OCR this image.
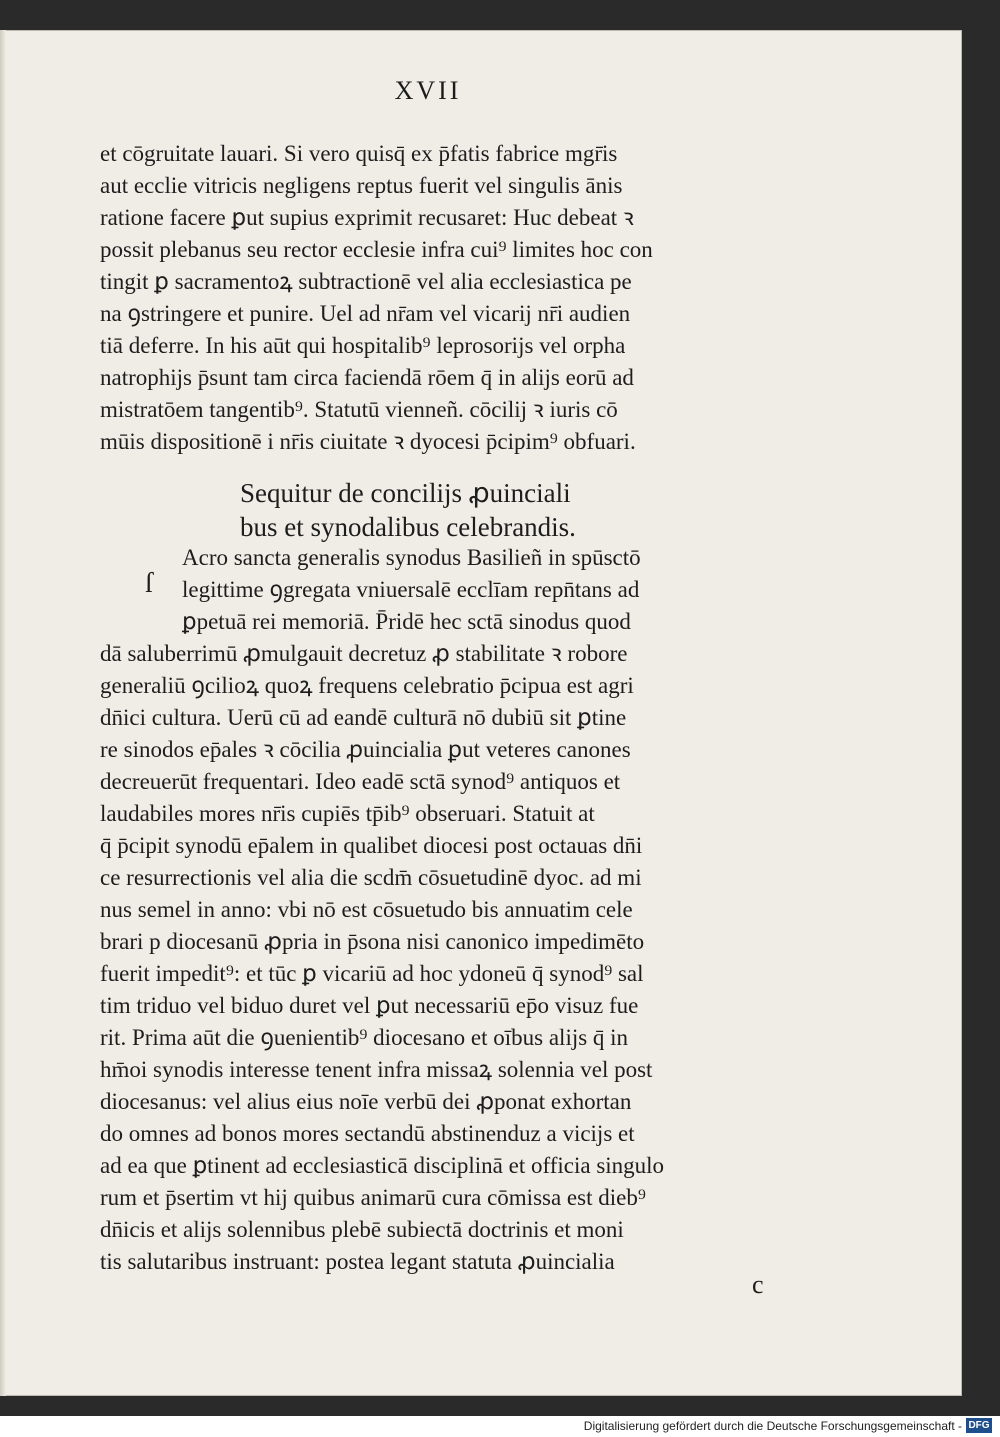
XVII
et cōgruitate lauari. Si vero quisq̄ ex p̄fatis fabrice mgr̄is
aut ecclie vitricis negligens reptus fuerit vel singulis ānis
ratione facere ꝑut supius exprimit recusaret: Huc debeat ꝛ
possit plebanus seu rector ecclesie infra cui⁹ limites hoc con
tingit ꝑ sacramentoꝝ subtractionē vel alia ecclesiastica pe
na ꝯstringere et punire. Uel ad nr̄am vel vicarij nr̄i audien
tiā deferre. In his aūt qui hospitalib⁹ leprosorijs vel orpha
natrophijs p̄sunt tam circa faciendā rōem q̄ in alijs eorū ad
mistratōem tangentib⁹. Statutū vienneñ. cōcilij ꝛ iuris cō
mūis dispositionē i nr̄is ciuitate ꝛ dyocesi p̄cipim⁹ obfuari.
Sequitur de concilijs ꝓuinciali
bus et synodalibus celebrandis.
ſ
Acro sancta generalis synodus Basilieñ in spūsctō
legittime ꝯgregata vniuersalē ecclīam repn̄tans ad
ꝑpetuā rei memoriā. P̄ridē hec sctā sinodus quod
dā saluberrimū ꝓmulgauit decretuz ꝓ stabilitate ꝛ robore
generaliū ꝯcilioꝝ quoꝝ frequens celebratio p̄cipua est agri
dn̄ici cultura. Uerū cū ad eandē culturā nō dubiū sit ꝑtine
re sinodos ep̄ales ꝛ cōcilia ꝓuincialia ꝑut veteres canones
decreuerūt frequentari. Ideo eadē sctā synod⁹ antiquos et
laudabiles mores nr̄is cupiēs tp̄ib⁹ obseruari. Statuit at
q̄ p̄cipit synodū ep̄alem in qualibet diocesi post octauas dn̄i
ce resurrectionis vel alia die scdm̄ cōsuetudinē dyoc. ad mi
nus semel in anno: vbi nō est cōsuetudo bis annuatim cele
brari p diocesanū ꝓpria in p̄sona nisi canonico impedimēto
fuerit impedit⁹: et tūc ꝑ vicariū ad hoc ydoneū q̄ synod⁹ sal
tim triduo vel biduo duret vel ꝑut necessariū ep̄o visuz fue
rit. Prima aūt die ꝯuenientib⁹ diocesano et oībus alijs q̄ in
hm̄oi synodis interesse tenent infra missaꝝ solennia vel post
diocesanus: vel alius eius noīe verbū dei ꝓponat exhortan
do omnes ad bonos mores sectandū abstinenduz a vicijs et
ad ea que ꝑtinent ad ecclesiasticā disciplinā et officia singulo
rum et p̄sertim vt hij quibus animarū cura cōmissa est dieb⁹
dn̄icis et alijs solennibus plebē subiectā doctrinis et moni
tis salutaribus instruant: postea legant statuta ꝓuincialia
c
Digitalisierung gefördert durch die Deutsche Forschungsgemeinschaft - DFG
